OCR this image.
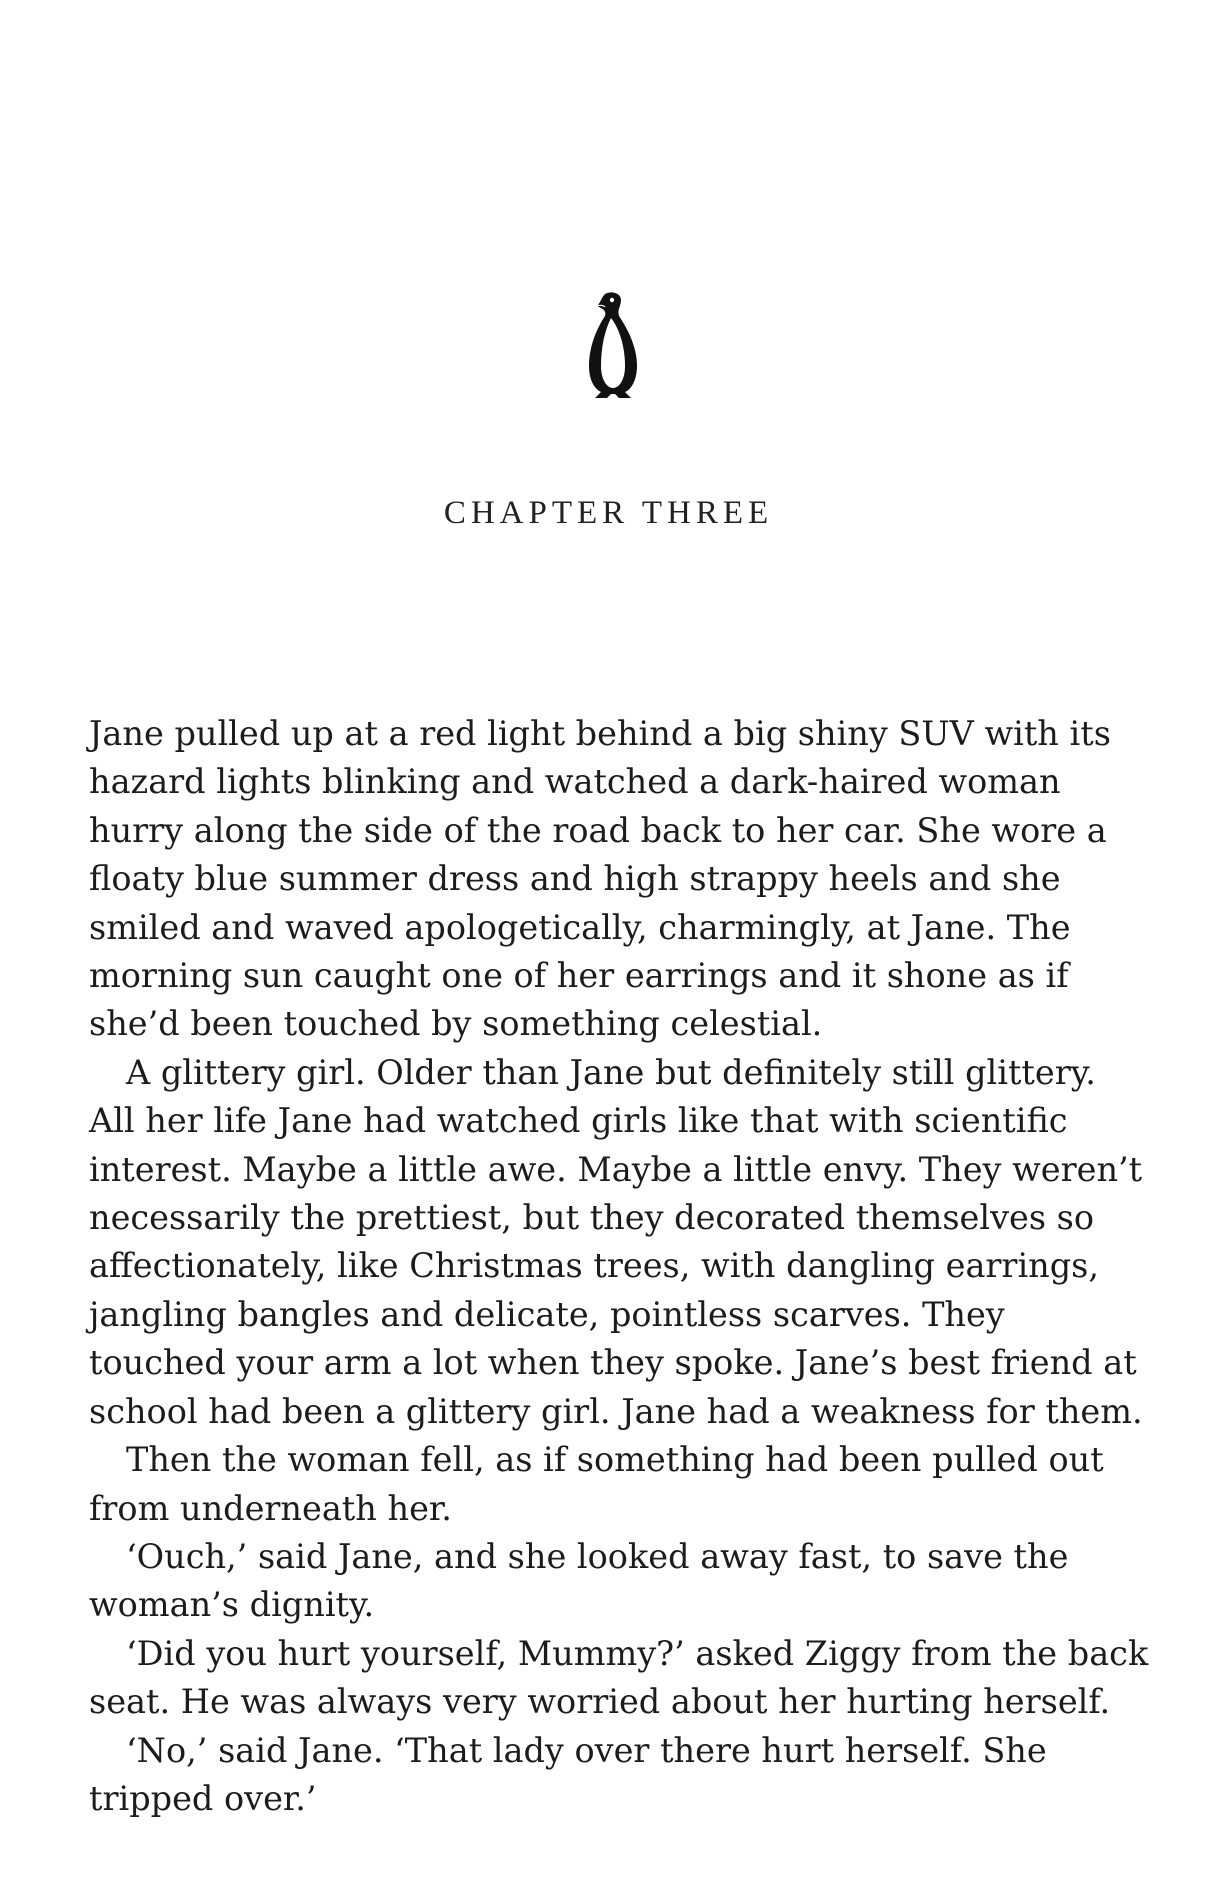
CHAPTER THREE

Jane pulled up at a red light behind a big shiny SUV with its hazard lights blinking and watched a dark-haired woman hurry along the side of the road back to her car. She wore a floaty blue summer dress and high strappy heels and she smiled and waved apologetically, charmingly, at Jane. The morning sun caught one of her earrings and it shone as if she’d been touched by something celestial.

A glittery girl. Older than Jane but definitely still glittery. All her life Jane had watched girls like that with scientific interest. Maybe a little awe. Maybe a little envy. They weren’t necessarily the prettiest, but they decorated themselves so affectionately, like Christmas trees, with dangling earrings, jangling bangles and delicate, pointless scarves. They touched your arm a lot when they spoke. Jane’s best friend at school had been a glittery girl. Jane had a weakness for them.

Then the woman fell, as if something had been pulled out from underneath her.

‘Ouch,’ said Jane, and she looked away fast, to save the woman’s dignity.

‘Did you hurt yourself, Mummy?’ asked Ziggy from the back seat. He was always very worried about her hurting herself.

‘No,’ said Jane. ‘That lady over there hurt herself. She tripped over.’
